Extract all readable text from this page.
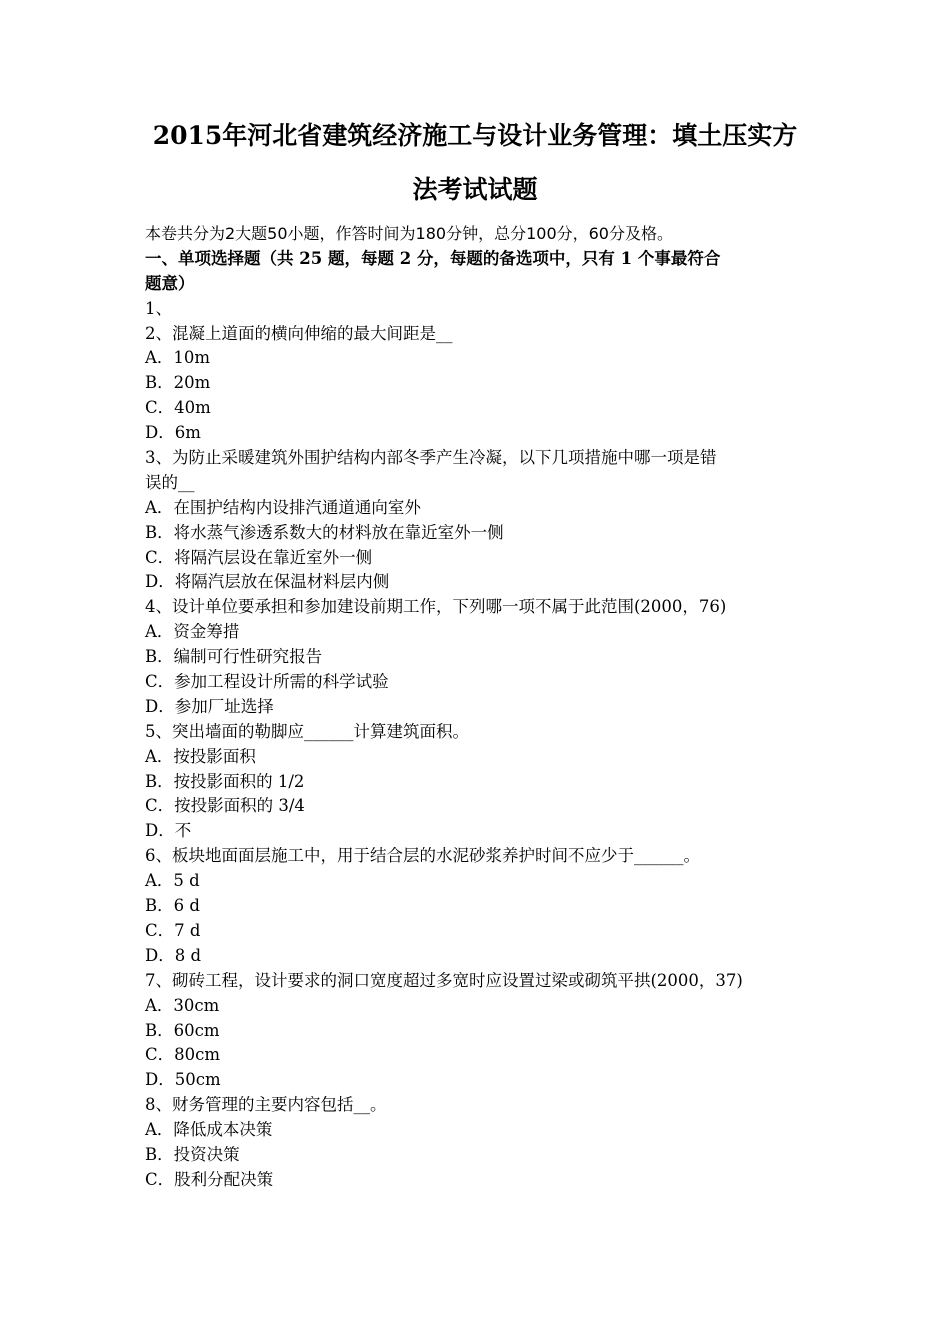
2015年河北省建筑经济施工与设计业务管理：填土压实方
法考试试题
本卷共分为2大题50小题，作答时间为180分钟，总分100分，60分及格。
一、单项选择题（共 25 题，每题 2 分，每题的备选项中，只有 1 个事最符合
题意）
1、
2、混凝上道面的横向伸缩的最大间距是__
A．10m
B．20m
C．40m
D．6m
3、为防止采暖建筑外围护结构内部冬季产生冷凝，以下几项措施中哪一项是错
误的__
A．在围护结构内设排汽通道通向室外
B．将水蒸气渗透系数大的材料放在靠近室外一侧
C．将隔汽层设在靠近室外一侧
D．将隔汽层放在保温材料层内侧
4、设计单位要承担和参加建设前期工作，下列哪一项不属于此范围(2000，76)
A．资金筹措
B．编制可行性研究报告
C．参加工程设计所需的科学试验
D．参加厂址选择
5、突出墙面的勒脚应______计算建筑面积。
A．按投影面积
B．按投影面积的 1/2
C．按投影面积的 3/4
D．不
6、板块地面面层施工中，用于结合层的水泥砂浆养护时间不应少于______。
A．5 d
B．6 d
C．7 d
D．8 d
7、砌砖工程，设计要求的洞口宽度超过多宽时应设置过梁或砌筑平拱(2000，37)
A．30cm
B．60cm
C．80cm
D．50cm
8、财务管理的主要内容包括__。
A．降低成本决策
B．投资决策
C．股利分配决策
